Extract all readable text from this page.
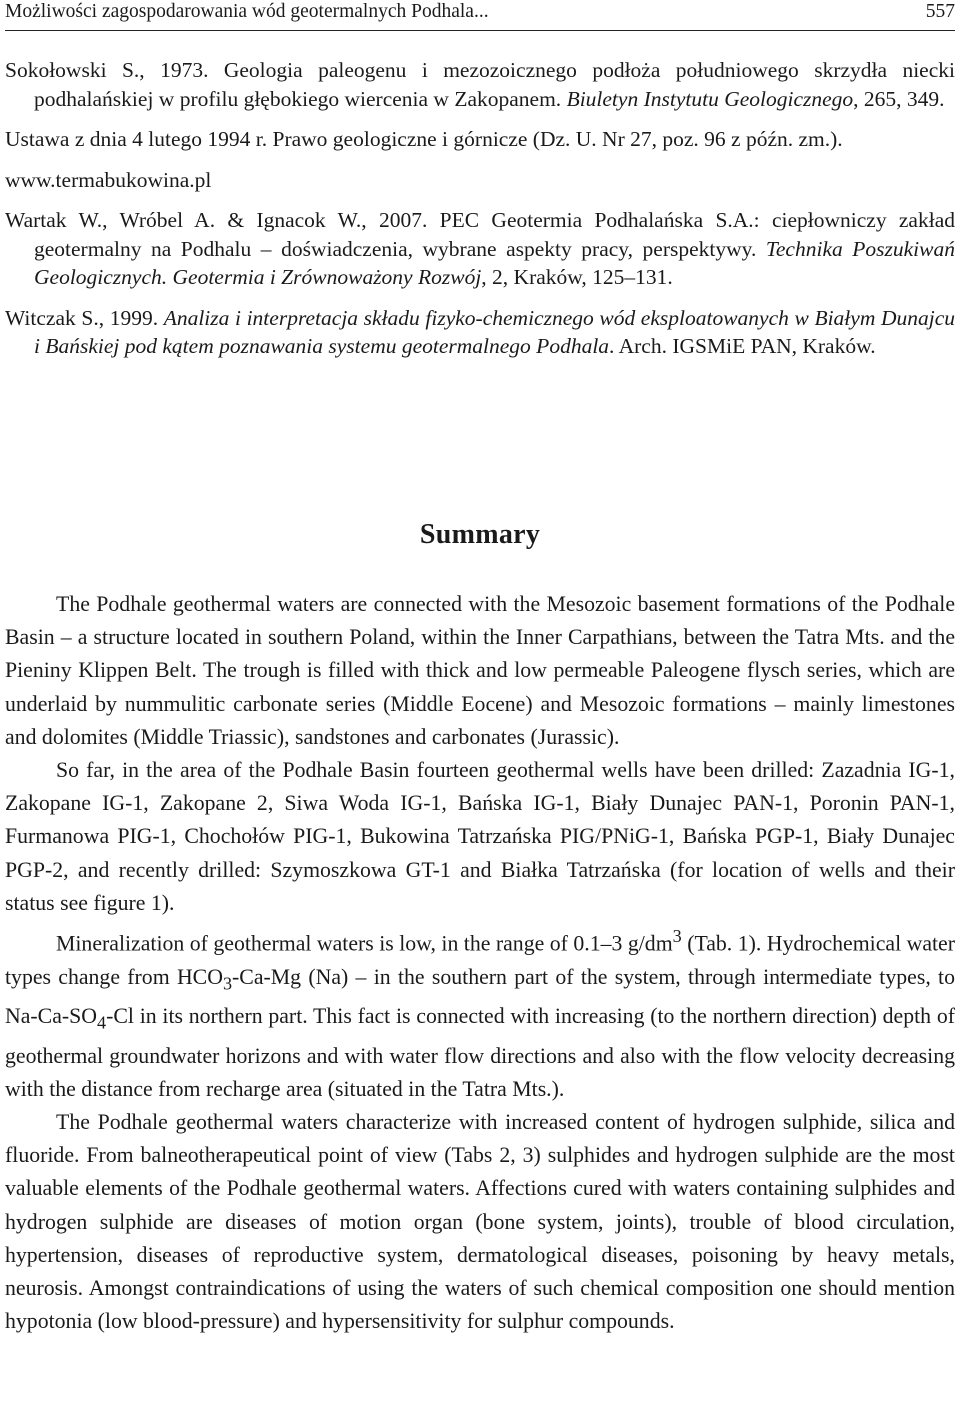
Możliwości zagospodarowania wód geotermalnych Podhala...	557

Sokołowski S., 1973. Geologia paleogenu i mezozoicznego podłoża południowego skrzydła niecki podhalańskiej w profilu głębokiego wiercenia w Zakopanem. Biuletyn Instytutu Geologicznego, 265, 349.

Ustawa z dnia 4 lutego 1994 r. Prawo geologiczne i górnicze (Dz. U. Nr 27, poz. 96 z późn. zm.).

www.termabukowina.pl

Wartak W., Wróbel A. & Ignacok W., 2007. PEC Geotermia Podhalańska S.A.: ciepłowniczy zakład geotermalny na Podhalu – doświadczenia, wybrane aspekty pracy, perspektywy. Technika Poszukiwań Geologicznych. Geotermia i Zrównoważony Rozwój, 2, Kraków, 125–131.

Witczak S., 1999. Analiza i interpretacja składu fizyko-chemicznego wód eksploatowanych w Białym Dunajcu i Bańskiej pod kątem poznawania systemu geotermalnego Podhala. Arch. IGSMiE PAN, Kraków.

Summary

The Podhale geothermal waters are connected with the Mesozoic basement formations of the Podhale Basin – a structure located in southern Poland, within the Inner Carpathians, between the Tatra Mts. and the Pieniny Klippen Belt. The trough is filled with thick and low permeable Paleogene flysch series, which are underlaid by nummulitic carbonate series (Middle Eocene) and Mesozoic formations – mainly limestones and dolomites (Middle Triassic), sandstones and carbonates (Jurassic).

So far, in the area of the Podhale Basin fourteen geothermal wells have been drilled: Zazadnia IG-1, Zakopane IG-1, Zakopane 2, Siwa Woda IG-1, Bańska IG-1, Biały Dunajec PAN-1, Poronin PAN-1, Furmanowa PIG-1, Chochołów PIG-1, Bukowina Tatrzańska PIG/PNiG-1, Bańska PGP-1, Biały Dunajec PGP-2, and recently drilled: Szymoszkowa GT-1 and Białka Tatrzańska (for location of wells and their status see figure 1).

Mineralization of geothermal waters is low, in the range of 0.1–3 $g/dm^3$ (Tab. 1). Hydrochemical water types change from $HCO_3-Ca-Mg$ (Na) – in the southern part of the system, through intermediate types, to $Na-Ca-SO_4-Cl$ in its northern part. This fact is connected with increasing (to the northern direction) depth of geothermal groundwater horizons and with water flow directions and also with the flow velocity decreasing with the distance from recharge area (situated in the Tatra Mts.).

The Podhale geothermal waters characterize with increased content of hydrogen sulphide, silica and fluoride. From balneotherapeutical point of view (Tabs 2, 3) sulphides and hydrogen sulphide are the most valuable elements of the Podhale geothermal waters. Affections cured with waters containing sulphides and hydrogen sulphide are diseases of motion organ (bone system, joints), trouble of blood circulation, hypertension, diseases of reproductive system, dermatological diseases, poisoning by heavy metals, neurosis. Amongst contraindications of using the waters of such chemical composition one should mention hypotonia (low blood-pressure) and hypersensitivity for sulphur compounds.
